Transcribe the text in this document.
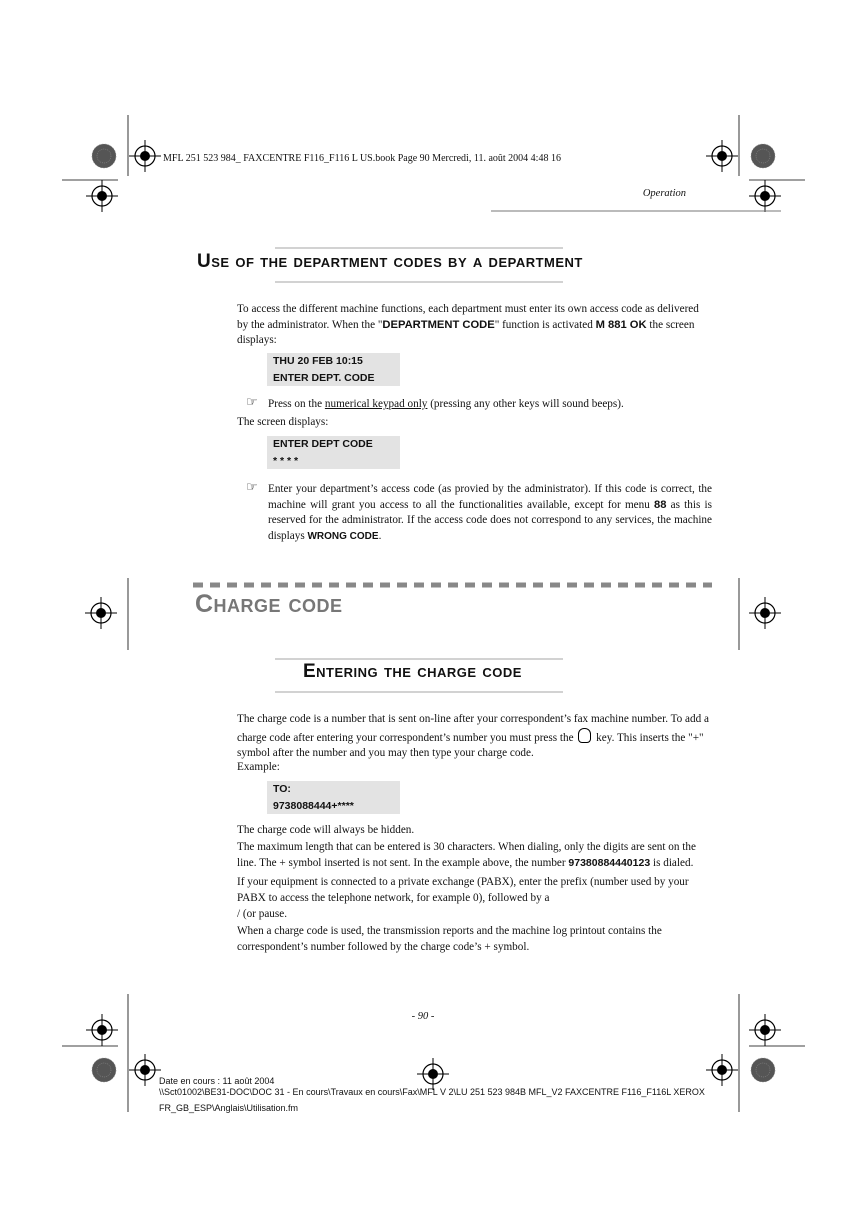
MFL 251 523 984_ FAXCENTRE F116_F116 L US.book Page 90 Mercredi, 11. août 2004 4:48 16
Operation
Use of the department codes by a department

To access the different machine functions, each department must enter its own access code as delivered by the administrator. When the "DEPARTMENT CODE" function is activated M 881 OK the screen displays:

THU 20 FEB 10:15
ENTER DEPT. CODE
☞ Press on the numerical keypad only (pressing any other keys will sound beeps).

The screen displays:
ENTER DEPT CODE
* * * *
☞ Enter your department’s access code (as provied by the administrator). If this code is correct, the machine will grant you access to all the functionalities available, except for menu 88 as this is reserved for the administrator. If the access code does not correspond to any services, the machine displays WRONG CODE.

Charge code
Entering the charge code

The charge code is a number that is sent on-line after your correspondent’s fax machine number. To add a charge code after entering your correspondent’s number you must press the  key. This inserts the "+" symbol after the number and you may then type your charge code.

Example:
TO:
9738088444+****
The charge code will always be hidden.

The maximum length that can be entered is 30 characters. When dialing, only the digits are sent on the line. The + symbol inserted is not sent. In the example above, the number 97380884440123 is dialed.

If your equipment is connected to a private exchange (PABX), enter the prefix (number used by your PABX to access the telephone network, for example 0), followed by a
/ (or pause.
When a charge code is used, the transmission reports and the machine log printout contains the correspondent’s number followed by the charge code’s + symbol.
- 90 -
Date en cours : 11 août 2004
\\Sct01002\BE31-DOC\DOC 31 - En cours\Travaux en cours\Fax\MFL V 2\LU 251 523 984B MFL_V2 FAXCENTRE F116_F116L XEROX
FR_GB_ESP\Anglais\Utilisation.fm
